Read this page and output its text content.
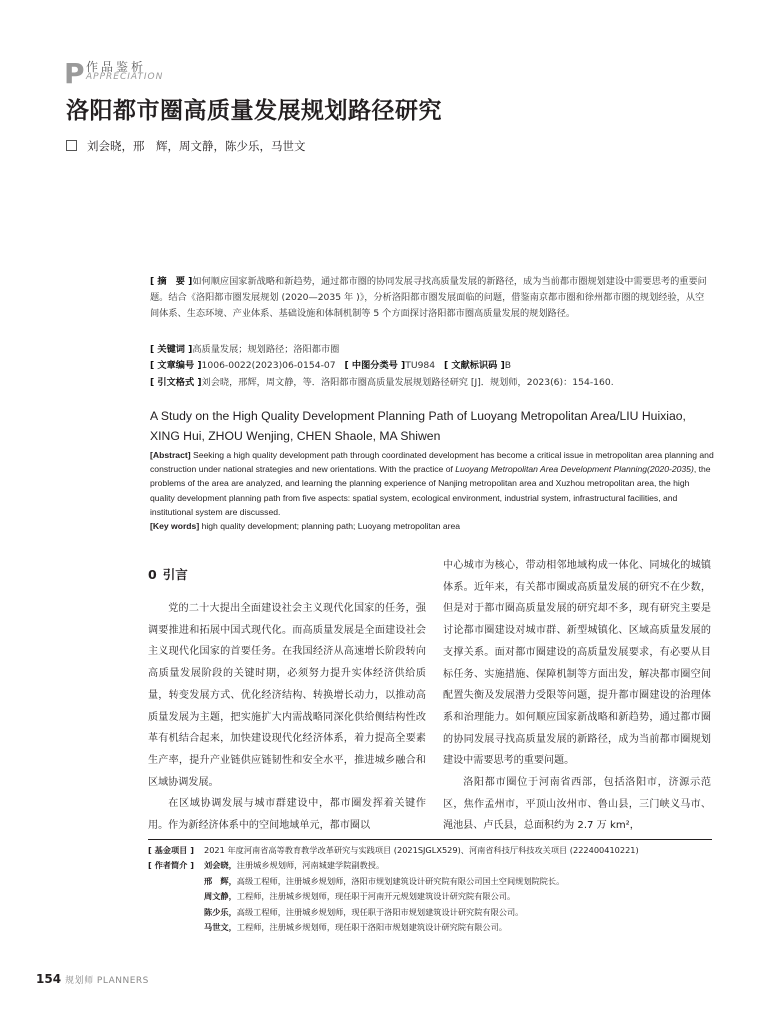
P 作品鉴析
APPRECIATION
洛阳都市圈高质量发展规划路径研究
刘会晓，邢　辉，周文静，陈少乐，马世文
[ 摘　要 ]如何顺应国家新战略和新趋势，通过都市圈的协同发展寻找高质量发展的新路径，成为当前都市圈规划建设中需要思考的重要问题。结合《洛阳都市圈发展规划 (2020—2035 年 )》，分析洛阳都市圈发展面临的问题，借鉴南京都市圈和徐州都市圈的规划经验，从空间体系、生态环境、产业体系、基础设施和体制机制等 5 个方面探讨洛阳都市圈高质量发展的规划路径。
[ 关键词 ]高质量发展；规划路径；洛阳都市圈
[ 文章编号 ]1006-0022(2023)06-0154-07 [ 中图分类号 ]TU984 [ 文献标识码 ]B
[ 引文格式 ]刘会晓，邢辉，周文静，等．洛阳都市圈高质量发展规划路径研究 [J]．规划师，2023(6)：154-160.
A Study on the High Quality Development Planning Path of Luoyang Metropolitan Area/LIU Huixiao, XING Hui, ZHOU Wenjing, CHEN Shaole, MA Shiwen
[Abstract] Seeking a high quality development path through coordinated development has become a critical issue in metropolitan area planning and construction under national strategies and new orientations. With the practice of Luoyang Metropolitan Area Development Planning(2020-2035), the problems of the area are analyzed, and learning the planning experience of Nanjing metropolitan area and Xuzhou metropolitan area, the high quality development planning path from five aspects: spatial system, ecological environment, industrial system, infrastructural facilities, and institutional system are discussed.
[Key words] high quality development; planning path; Luoyang metropolitan area
0 引言

党的二十大提出全面建设社会主义现代化国家的任务，强调要推进和拓展中国式现代化。而高质量发展是全面建设社会主义现代化国家的首要任务。在我国经济从高速增长阶段转向高质量发展阶段的关键时期，必须努力提升实体经济供给质量，转变发展方式、优化经济结构、转换增长动力，以推动高质量发展为主题，把实施扩大内需战略同深化供给侧结构性改革有机结合起来，加快建设现代化经济体系，着力提高全要素生产率，提升产业链供应链韧性和安全水平，推进城乡融合和区域协调发展。

在区域协调发展与城市群建设中，都市圈发挥着关键作用。作为新经济体系中的空间地域单元，都市圈以

中心城市为核心，带动相邻地域构成一体化、同城化的城镇体系。近年来，有关都市圈或高质量发展的研究不在少数，但是对于都市圈高质量发展的研究却不多，现有研究主要是讨论都市圈建设对城市群、新型城镇化、区域高质量发展的支撑关系。面对都市圈建设的高质量发展要求，有必要从目标任务、实施措施、保障机制等方面出发，解决都市圈空间配置失衡及发展潜力受限等问题，提升都市圈建设的治理体系和治理能力。如何顺应国家新战略和新趋势，通过都市圈的协同发展寻找高质量发展的新路径，成为当前都市圈规划建设中需要思考的重要问题。

洛阳都市圈位于河南省西部，包括洛阳市，济源示范区，焦作孟州市，平顶山汝州市、鲁山县，三门峡义马市、渑池县、卢氏县，总面积约为 2.7 万 km²，

[ 基金项目 ] 2021 年度河南省高等教育教学改革研究与实践项目 (2021SJGLX529)、河南省科技厅科技攻关项目 (222400410221)
[ 作者简介 ] 刘会晓，注册城乡规划师，河南城建学院副教授。
邢　辉，高级工程师，注册城乡规划师，洛阳市规划建筑设计研究院有限公司国土空间规划院院长。
周文静，工程师，注册城乡规划师，现任职于河南开元规划建筑设计研究院有限公司。
陈少乐，高级工程师，注册城乡规划师，现任职于洛阳市规划建筑设计研究院有限公司。
马世文，工程师，注册城乡规划师，现任职于洛阳市规划建筑设计研究院有限公司。
154 规划师 PLANNERS
